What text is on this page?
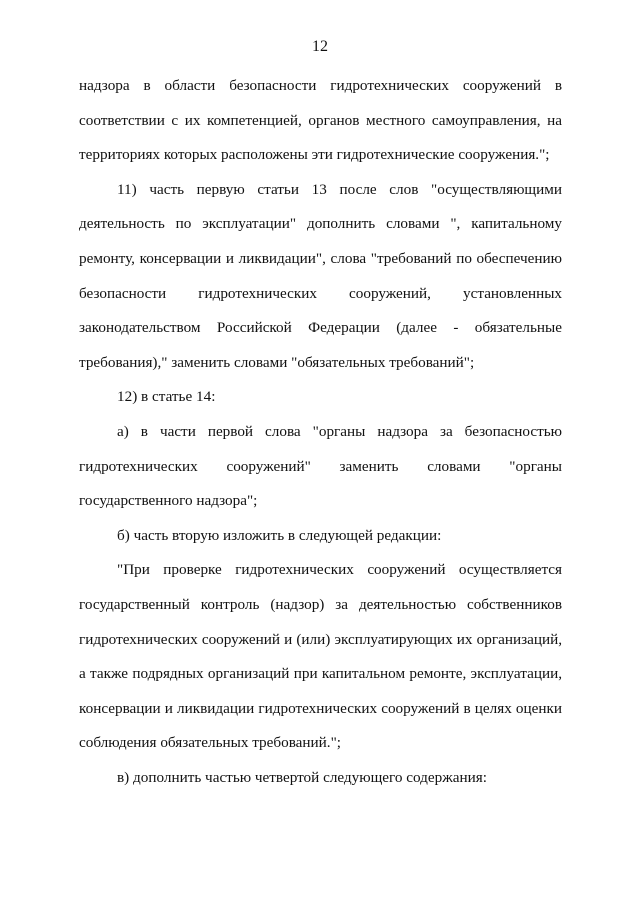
12

надзора в области безопасности гидротехнических сооружений в соответствии с их компетенцией, органов местного самоуправления, на территориях которых расположены эти гидротехнические сооружения.";

11) часть первую статьи 13 после слов "осуществляющими деятельность по эксплуатации" дополнить словами ", капитальному ремонту, консервации и ликвидации", слова "требований по обеспечению безопасности гидротехнических сооружений, установленных законодательством Российской Федерации (далее - обязательные требования)," заменить словами "обязательных требований";

12) в статье 14:

а) в части первой слова "органы надзора за безопасностью гидротехнических сооружений" заменить словами "органы государственного надзора";

б) часть вторую изложить в следующей редакции:

"При проверке гидротехнических сооружений осуществляется государственный контроль (надзор) за деятельностью собственников гидротехнических сооружений и (или) эксплуатирующих их организаций, а также подрядных организаций при капитальном ремонте, эксплуатации, консервации и ликвидации гидротехнических сооружений в целях оценки соблюдения обязательных требований.";

в) дополнить частью четвертой следующего содержания:
